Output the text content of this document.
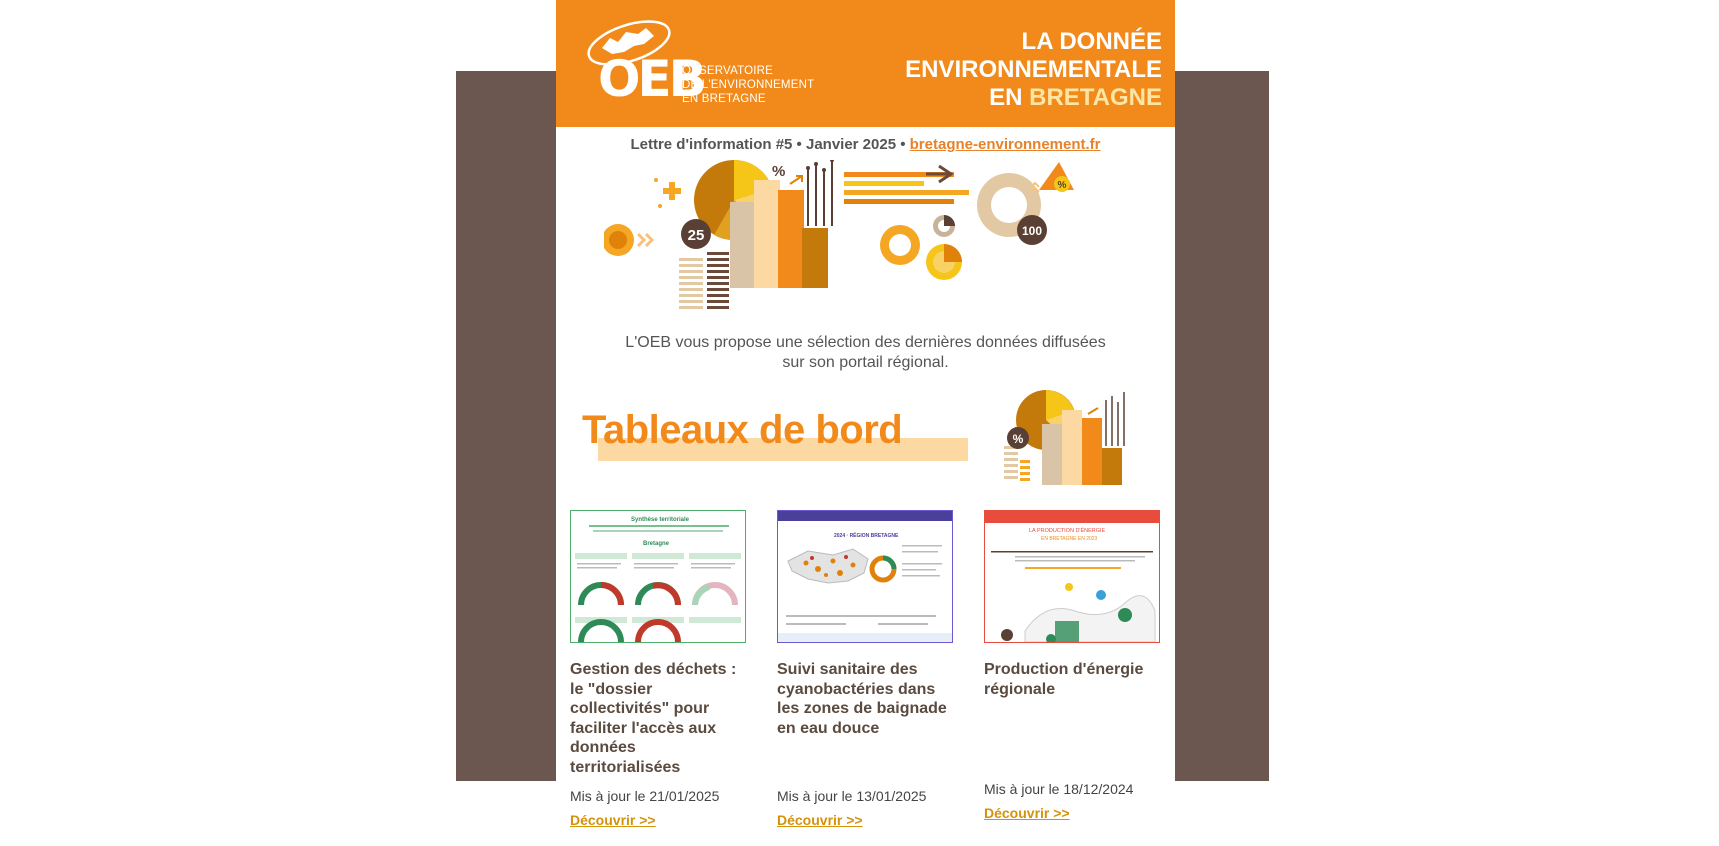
OEB
OBSERVATOIRE
DE L'ENVIRONNEMENT
EN BRETAGNE
LA DONNÉE
ENVIRONNEMENTALE
EN BRETAGNE
Lettre d'information #5 • Janvier 2025 • bretagne-environnement.fr
25
%
%
100
L'OEB vous propose une sélection des dernières données diffusées
sur son portail régional.
Tableaux de bord	%
Synthèse territoriale
Bretagne
Gestion des déchets : le "dossier collectivités" pour faciliter l'accès aux données territorialisées
Mis à jour le 21/01/2025
Découvrir >>
2024 · RÉGION BRETAGNE
Suivi sanitaire des cyanobactéries dans les zones de baignade en eau douce
Mis à jour le 13/01/2025
Découvrir >>
LA PRODUCTION D'ÉNERGIE
EN BRETAGNE EN 2023
Production d'énergie régionale
Mis à jour le 18/12/2024
Découvrir >>
